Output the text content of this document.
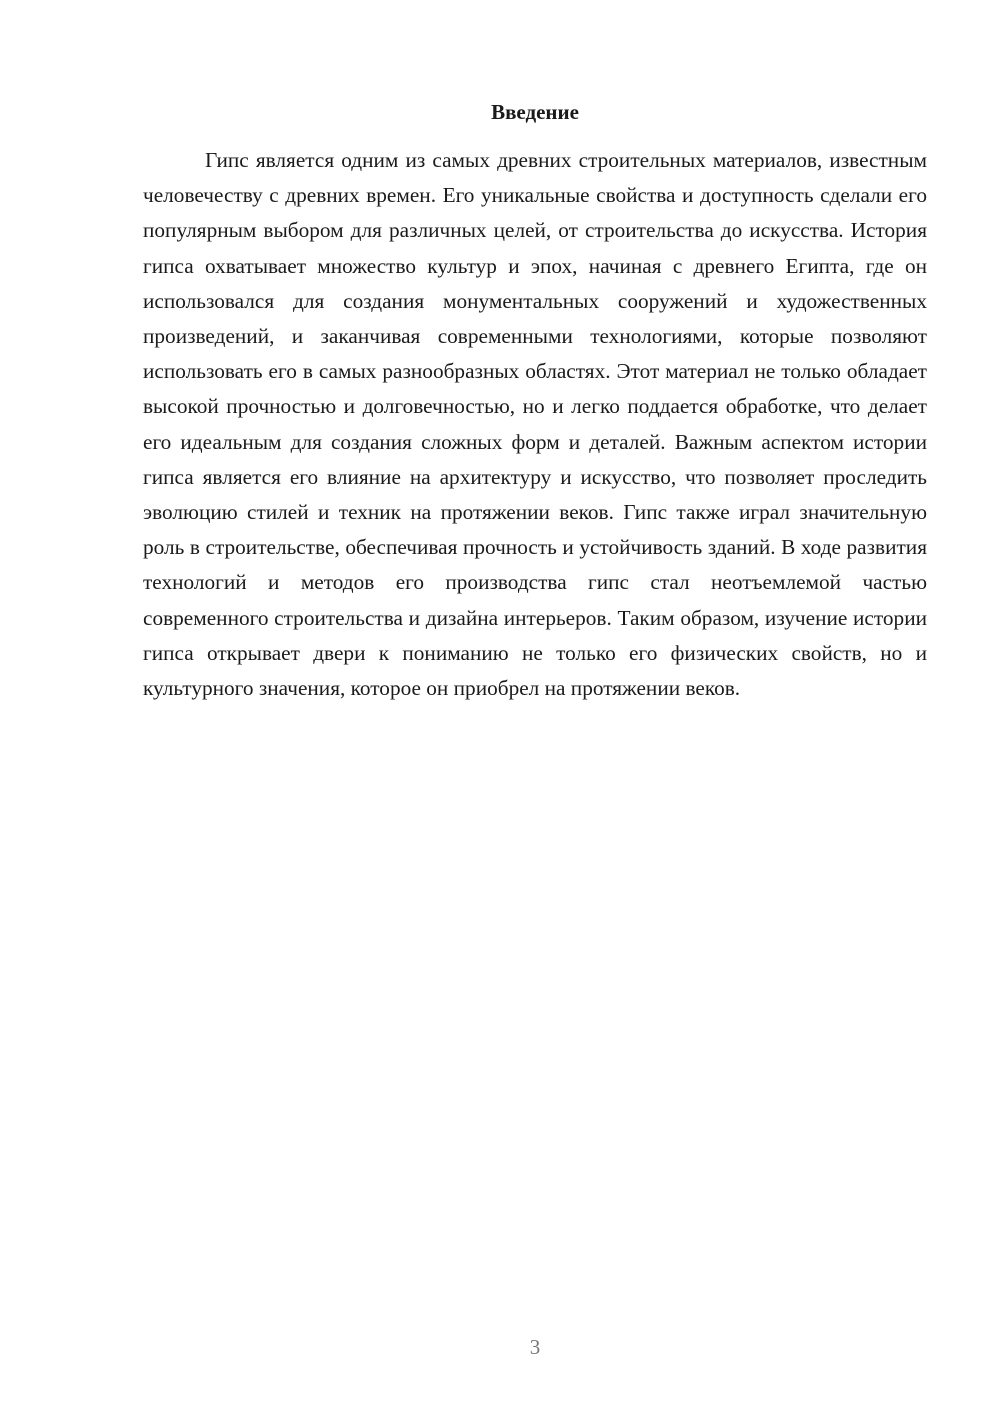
Введение

Гипс является одним из самых древних строительных материалов, известным человечеству с древних времен. Его уникальные свойства и доступность сделали его популярным выбором для различных целей, от строительства до искусства. История гипса охватывает множество культур и эпох, начиная с древнего Египта, где он использовался для создания монументальных сооружений и художественных произведений, и заканчивая современными технологиями, которые позволяют использовать его в самых разнообразных областях. Этот материал не только обладает высокой прочностью и долговечностью, но и легко поддается обработке, что делает его идеальным для создания сложных форм и деталей. Важным аспектом истории гипса является его влияние на архитектуру и искусство, что позволяет проследить эволюцию стилей и техник на протяжении веков. Гипс также играл значительную роль в строительстве, обеспечивая прочность и устойчивость зданий. В ходе развития технологий и методов его производства гипс стал неотъемлемой частью современного строительства и дизайна интерьеров. Таким образом, изучение истории гипса открывает двери к пониманию не только его физических свойств, но и культурного значения, которое он приобрел на протяжении веков.

3
